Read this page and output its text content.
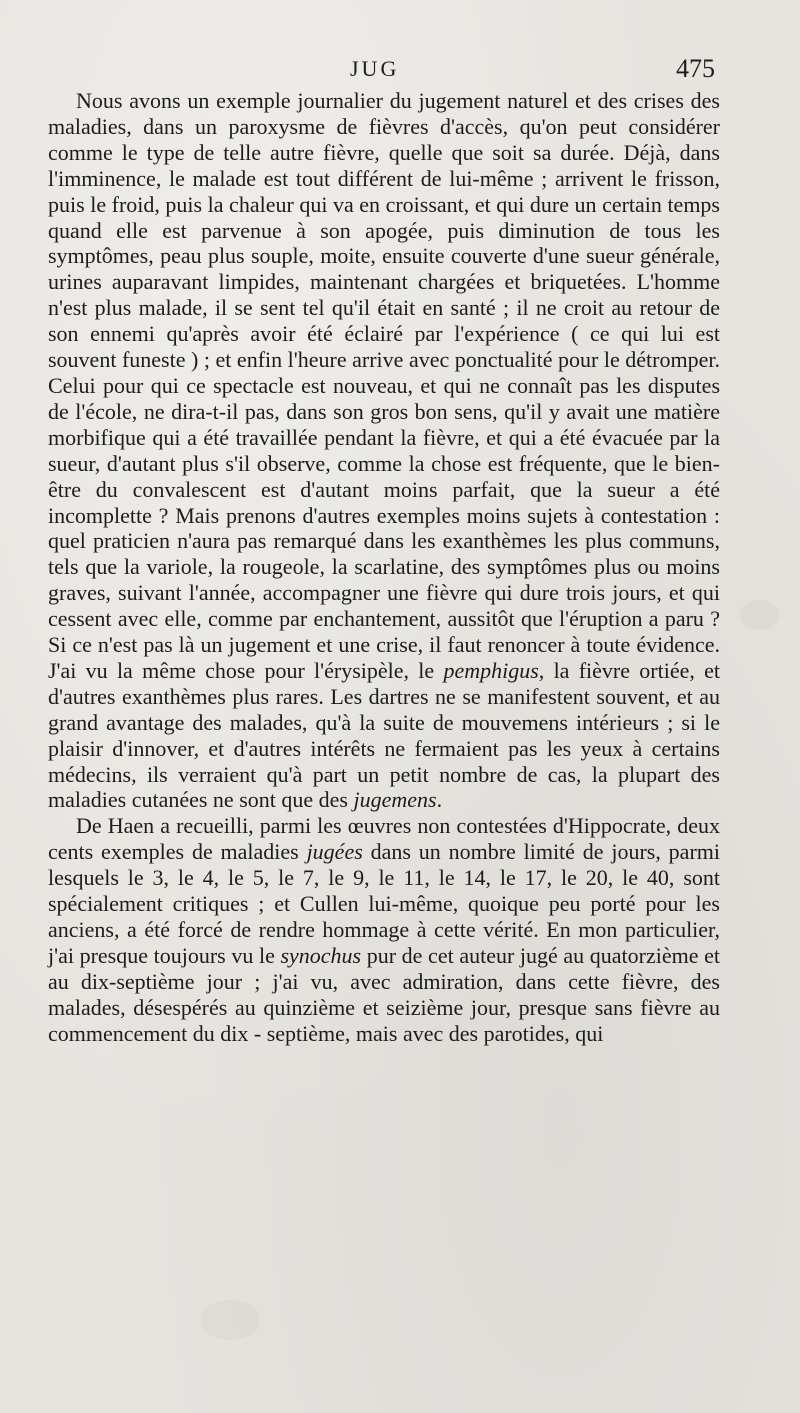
JUG	475

Nous avons un exemple journalier du jugement naturel et des crises des maladies, dans un paroxysme de fièvres d'accès, qu'on peut considérer comme le type de telle autre fièvre, quelle que soit sa durée. Déjà, dans l'imminence, le malade est tout différent de lui-même ; arrivent le frisson, puis le froid, puis la chaleur qui va en croissant, et qui dure un certain temps quand elle est parvenue à son apogée, puis diminution de tous les symptômes, peau plus souple, moite, ensuite couverte d'une sueur générale, urines auparavant limpides, maintenant chargées et briquetées. L'homme n'est plus malade, il se sent tel qu'il était en santé ; il ne croit au retour de son ennemi qu'après avoir été éclairé par l'expérience ( ce qui lui est souvent funeste ) ; et enfin l'heure arrive avec ponctualité pour le détromper. Celui pour qui ce spectacle est nouveau, et qui ne connaît pas les disputes de l'école, ne dira-t-il pas, dans son gros bon sens, qu'il y avait une matière morbifique qui a été travaillée pendant la fièvre, et qui a été évacuée par la sueur, d'autant plus s'il observe, comme la chose est fréquente, que le bien-être du convalescent est d'autant moins parfait, que la sueur a été incomplette ? Mais prenons d'autres exemples moins sujets à contestation : quel praticien n'aura pas remarqué dans les exanthèmes les plus communs, tels que la variole, la rougeole, la scarlatine, des symptômes plus ou moins graves, suivant l'année, accompagner une fièvre qui dure trois jours, et qui cessent avec elle, comme par enchantement, aussitôt que l'éruption a paru ? Si ce n'est pas là un jugement et une crise, il faut renoncer à toute évidence. J'ai vu la même chose pour l'érysipèle, le pemphigus, la fièvre ortiée, et d'autres exanthèmes plus rares. Les dartres ne se manifestent souvent, et au grand avantage des malades, qu'à la suite de mouvemens intérieurs ; si le plaisir d'innover, et d'autres intérêts ne fermaient pas les yeux à certains médecins, ils verraient qu'à part un petit nombre de cas, la plupart des maladies cutanées ne sont que des jugemens.

De Haen a recueilli, parmi les œuvres non contestées d'Hippocrate, deux cents exemples de maladies jugées dans un nombre limité de jours, parmi lesquels le 3, le 4, le 5, le 7, le 9, le 11, le 14, le 17, le 20, le 40, sont spécialement critiques ; et Cullen lui-même, quoique peu porté pour les anciens, a été forcé de rendre hommage à cette vérité. En mon particulier, j'ai presque toujours vu le synochus pur de cet auteur jugé au quatorzième et au dix-septième jour ; j'ai vu, avec admiration, dans cette fièvre, des malades, désespérés au quinzième et seizième jour, presque sans fièvre au commencement du dix - septième, mais avec des parotides, qui
